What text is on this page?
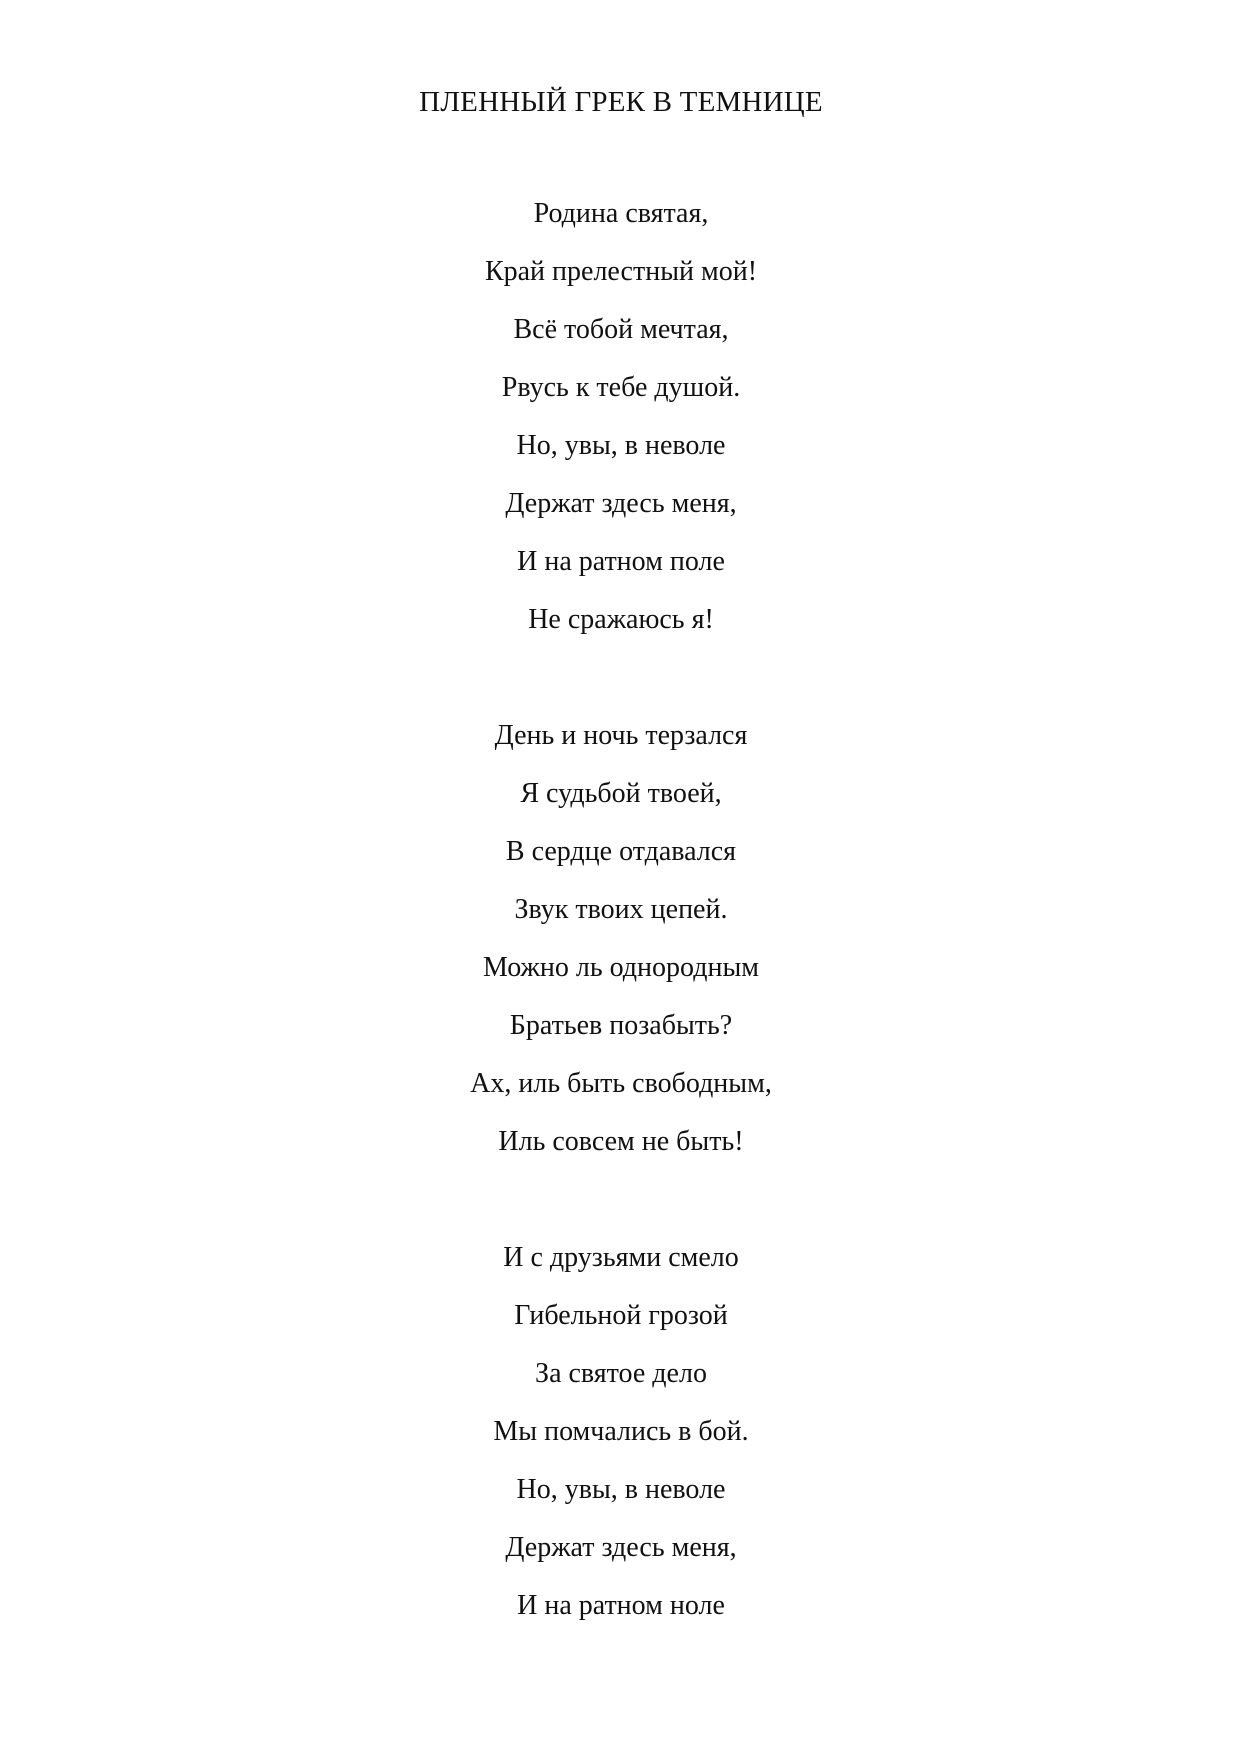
ПЛЕННЫЙ ГРЕК В ТЕМНИЦЕ
Родина святая,
Край прелестный мой!
Всё тобой мечтая,
Рвусь к тебе душой.
Но, увы, в неволе
Держат здесь меня,
И на ратном поле
Не сражаюсь я!
День и ночь терзался
Я судьбой твоей,
В сердце отдавался
Звук твоих цепей.
Можно ль однородным
Братьев позабыть?
Ах, иль быть свободным,
Иль совсем не быть!
И с друзьями смело
Гибельной грозой
За святое дело
Мы помчались в бой.
Но, увы, в неволе
Держат здесь меня,
И на ратном ноле
